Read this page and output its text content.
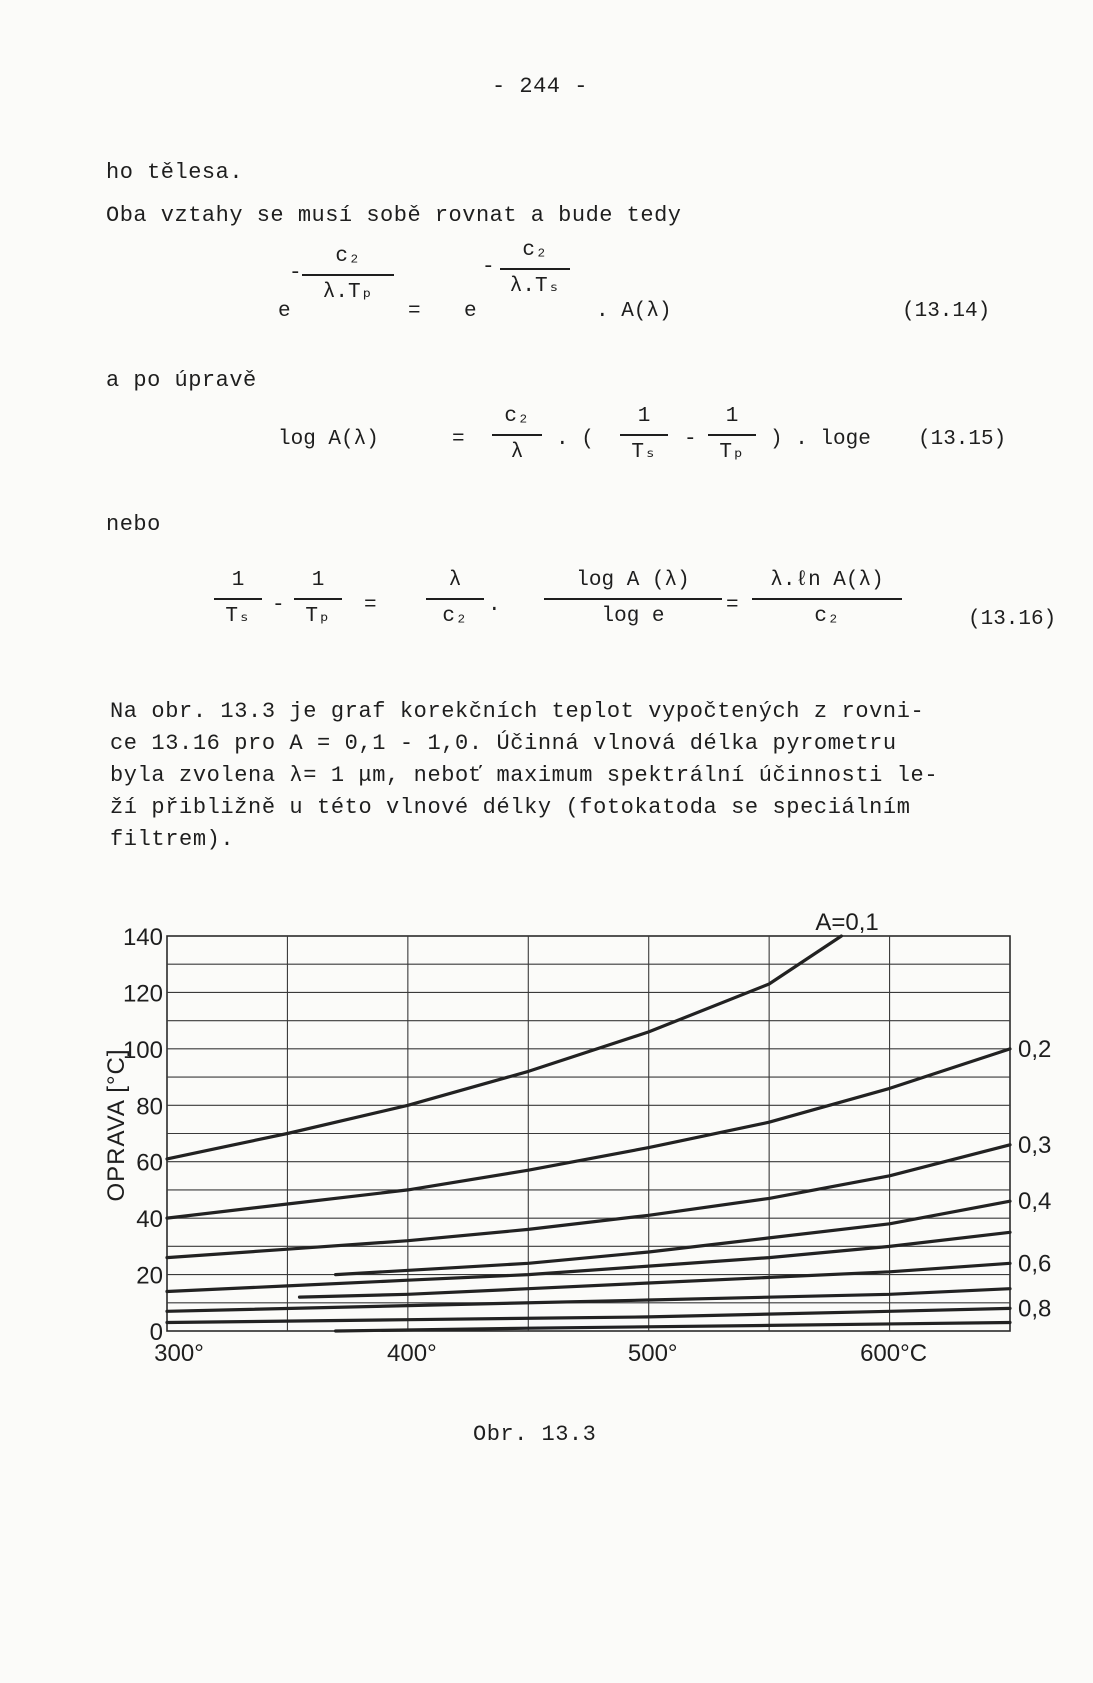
- 244 -
ho tělesa.
Oba vztahy se musí sobě rovnat a bude tedy
e
-
c₂
λ.Tₚ
= e
-
c₂
λ.Tₛ
. A(λ)	(13.14)
a po úpravě
log A(λ)	=
c₂
λ
. (
1
Tₛ
-
1
Tₚ
) . loge (13.15)
nebo
1
Tₛ -
1
Tₚ =
λ
c₂ .
log A (λ)
log e	=
λ.ℓn A(λ)
c₂	(13.16)
Na obr. 13.3 je graf korekčních teplot vypočtených z rovni-
ce 13.16 pro A = 0,1 - 1,0. Účinná vlnová délka pyrometru
byla zvolena λ= 1 μm, neboť maximum spektrální účinnosti le-
ží přibližně u této vlnové délky (fotokatoda se speciálním
filtrem).
0
20
40
60
80
100
120
140
300°	400°	500°	600°C
A=0,1
0,2
0,3
0,4
0,6
0,8
OPRAVA [°C]
Obr. 13.3
